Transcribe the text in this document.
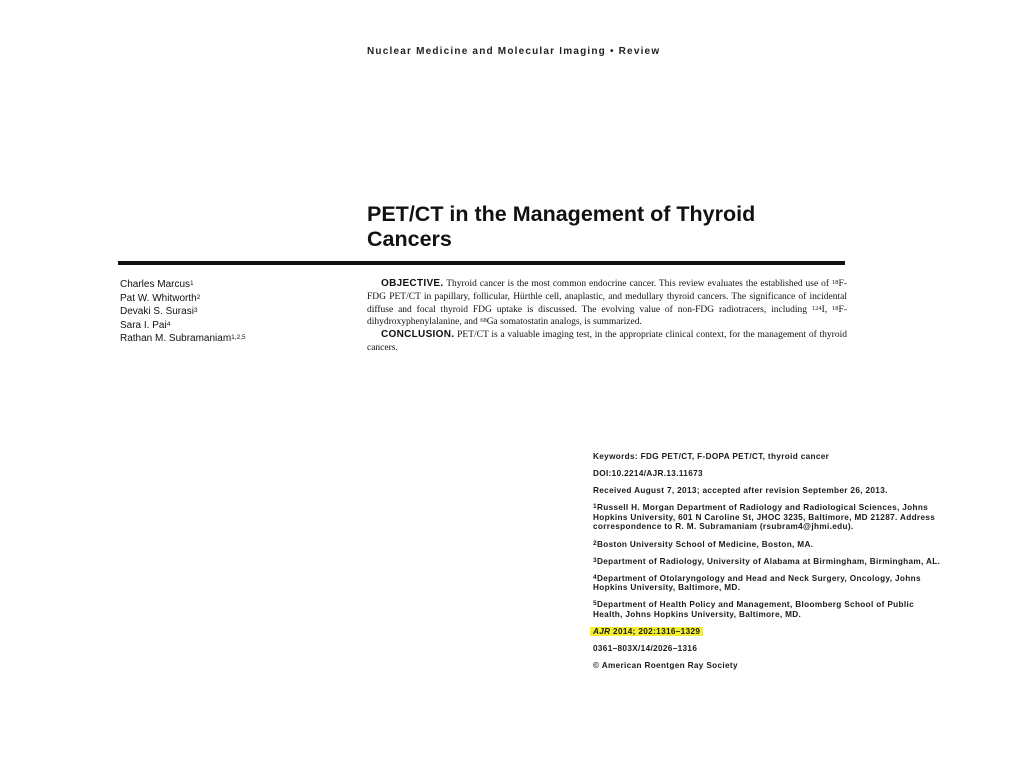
Nuclear Medicine and Molecular Imaging • Review
PET/CT in the Management of Thyroid Cancers
Charles Marcus$^1$
Pat W. Whitworth$^2$
Devaki S. Surasi$^3$
Sara I. Pai$^4$
Rathan M. Subramaniam$^{1,2,5}$

OBJECTIVE. Thyroid cancer is the most common endocrine cancer. This review evaluates the established use of $^{18}$F-FDG PET/CT in papillary, follicular, Hürthle cell, anaplastic, and medullary thyroid cancers. The significance of incidental diffuse and focal thyroid FDG uptake is discussed. The evolving value of non-FDG radiotracers, including $^{124}$I, $^{18}$F-dihydroxyphenylalanine, and $^{68}$Ga somatostatin analogs, is summarized.

CONCLUSION. PET/CT is a valuable imaging test, in the appropriate clinical context, for the management of thyroid cancers.

Keywords: FDG PET/CT, F-DOPA PET/CT, thyroid cancer
DOI:10.2214/AJR.13.11673
Received August 7, 2013; accepted after revision September 26, 2013.
$^1$Russell H. Morgan Department of Radiology and Radiological Sciences, Johns Hopkins University, 601 N Caroline St, JHOC 3235, Baltimore, MD 21287. Address correspondence to R. M. Subramaniam (rsubram4@jhmi.edu).
$^2$Boston University School of Medicine, Boston, MA.
$^3$Department of Radiology, University of Alabama at Birmingham, Birmingham, AL.
$^4$Department of Otolaryngology and Head and Neck Surgery, Oncology, Johns Hopkins University, Baltimore, MD.
$^5$Department of Health Policy and Management, Bloomberg School of Public Health, Johns Hopkins University, Baltimore, MD.
AJR 2014; 202:1316–1329
0361–803X/14/2026–1316
© American Roentgen Ray Society
